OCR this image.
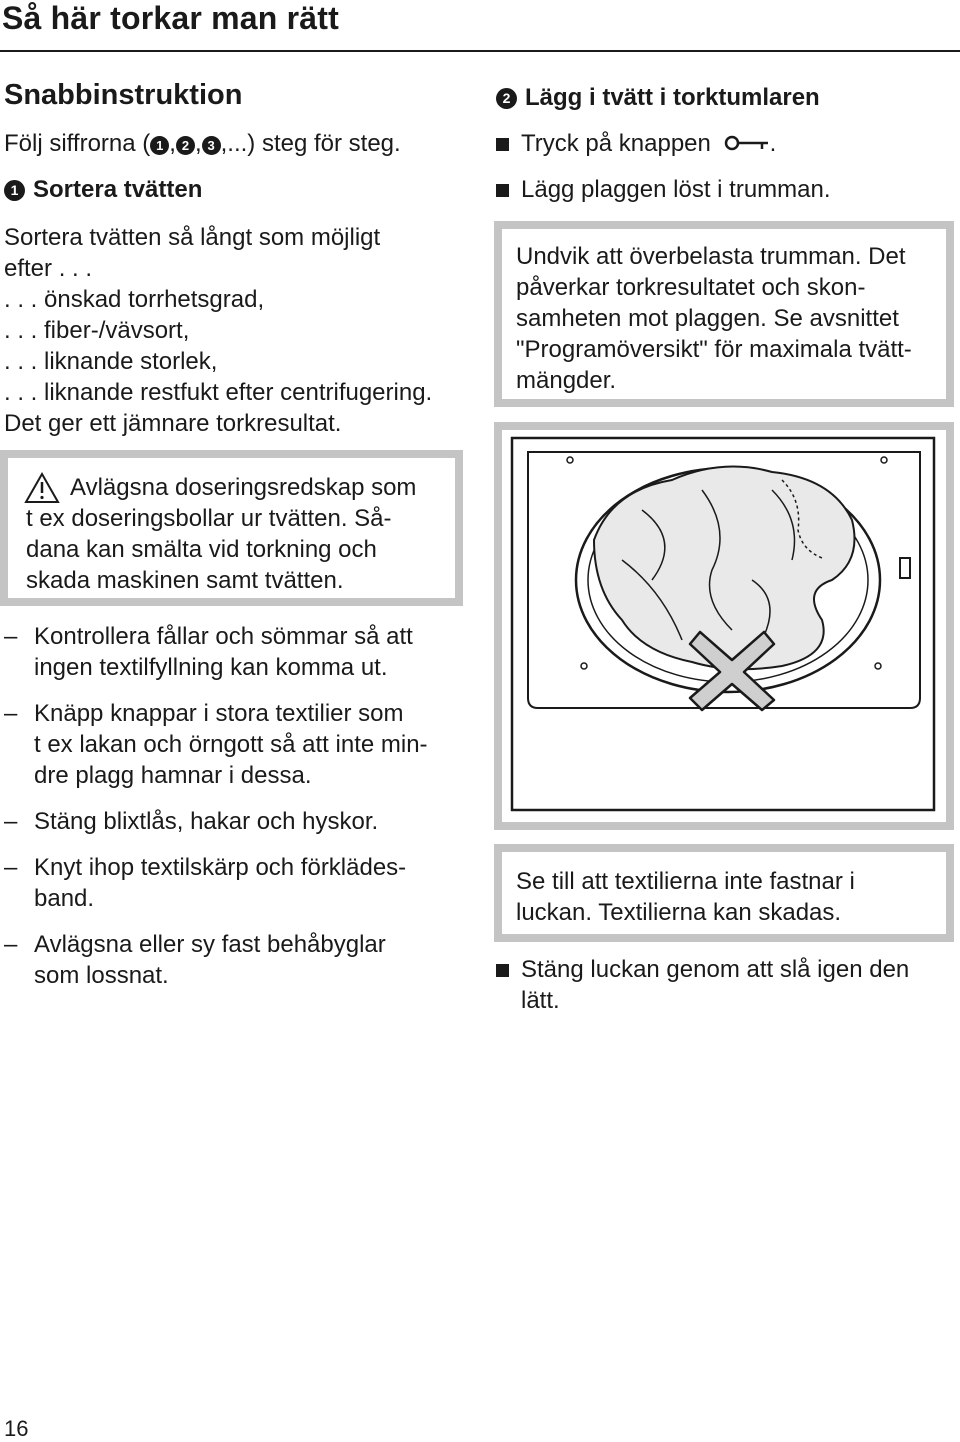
Så här torkar man rätt
Snabbinstruktion
Följ siffrorna ( 1 , 2 , 3 ,...) steg för steg.
1 Sortera tvätten
Sortera tvätten så långt som möjligt
efter . . .
. . . önskad torrhetsgrad,
. . . fiber-/vävsort,
. . . liknande storlek,
. . . liknande restfukt efter centrifugering.
Det ger ett jämnare torkresultat.
Avlägsna doseringsredskap som
t ex doseringsbollar ur tvätten. Så-
dana kan smälta vid torkning och
skada maskinen samt tvätten.
– Kontrollera fållar och sömmar så att
ingen textilfyllning kan komma ut.
– Knäpp knappar i stora textilier som
t ex lakan och örngott så att inte min-
dre plagg hamnar i dessa.
– Stäng blixtlås, hakar och hyskor.
– Knyt ihop textilskärp och förklädes-
band.
– Avlägsna eller sy fast behåbyglar
som lossnat.
2 Lägg i tvätt i torktumlaren
Tryck på knappen .
Lägg plaggen löst i trumman.
Undvik att överbelasta trumman. Det
påverkar torkresultatet och skon-
samheten mot plaggen. Se avsnittet
"Programöversikt" för maximala tvätt-
mängder.
Se till att textilierna inte fastnar i
luckan. Textilierna kan skadas.
Stäng luckan genom att slå igen den
lätt.
16
